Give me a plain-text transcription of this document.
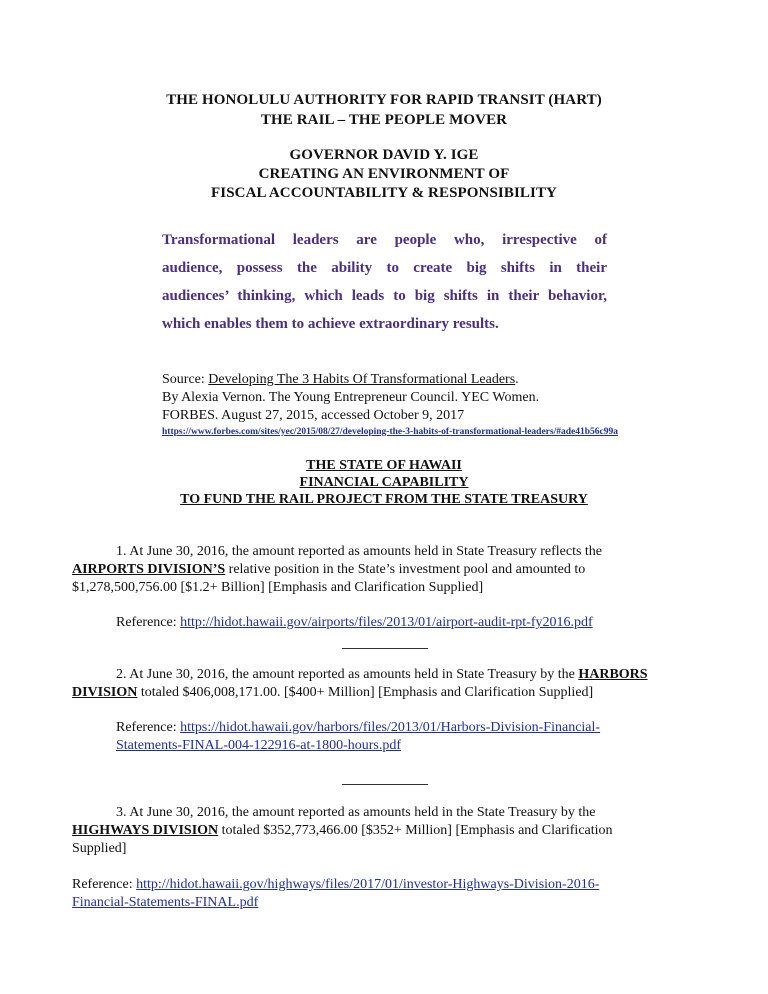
THE HONOLULU AUTHORITY FOR RAPID TRANSIT (HART)
THE RAIL – THE PEOPLE MOVER
GOVERNOR DAVID Y. IGE
CREATING AN ENVIRONMENT OF
FISCAL ACCOUNTABILITY & RESPONSIBILITY
Transformational leaders are people who, irrespective of
audience, possess the ability to create big shifts in their
audiences’ thinking, which leads to big shifts in their behavior,
which enables them to achieve extraordinary results.
Source: Developing The 3 Habits Of Transformational Leaders.
By Alexia Vernon. The Young Entrepreneur Council. YEC Women.
FORBES. August 27, 2015, accessed October 9, 2017
https://www.forbes.com/sites/yec/2015/08/27/developing-the-3-habits-of-transformational-leaders/#ade41b56c99a
THE STATE OF HAWAII
FINANCIAL CAPABILITY
TO FUND THE RAIL PROJECT FROM THE STATE TREASURY
1. At June 30, 2016, the amount reported as amounts held in State Treasury reflects the
AIRPORTS DIVISION’S relative position in the State’s investment pool and amounted to
$1,278,500,756.00 [$1.2+ Billion] [Emphasis and Clarification Supplied]
Reference: http://hidot.hawaii.gov/airports/files/2013/01/airport-audit-rpt-fy2016.pdf
2. At June 30, 2016, the amount reported as amounts held in State Treasury by the HARBORS
DIVISION totaled $406,008,171.00. [$400+ Million] [Emphasis and Clarification Supplied]
Reference: https://hidot.hawaii.gov/harbors/files/2013/01/Harbors-Division-Financial-
Statements-FINAL-004-122916-at-1800-hours.pdf
3. At June 30, 2016, the amount reported as amounts held in the State Treasury by the
HIGHWAYS DIVISION totaled $352,773,466.00 [$352+ Million] [Emphasis and Clarification
Supplied]
Reference: http://hidot.hawaii.gov/highways/files/2017/01/investor-Highways-Division-2016-
Financial-Statements-FINAL.pdf
